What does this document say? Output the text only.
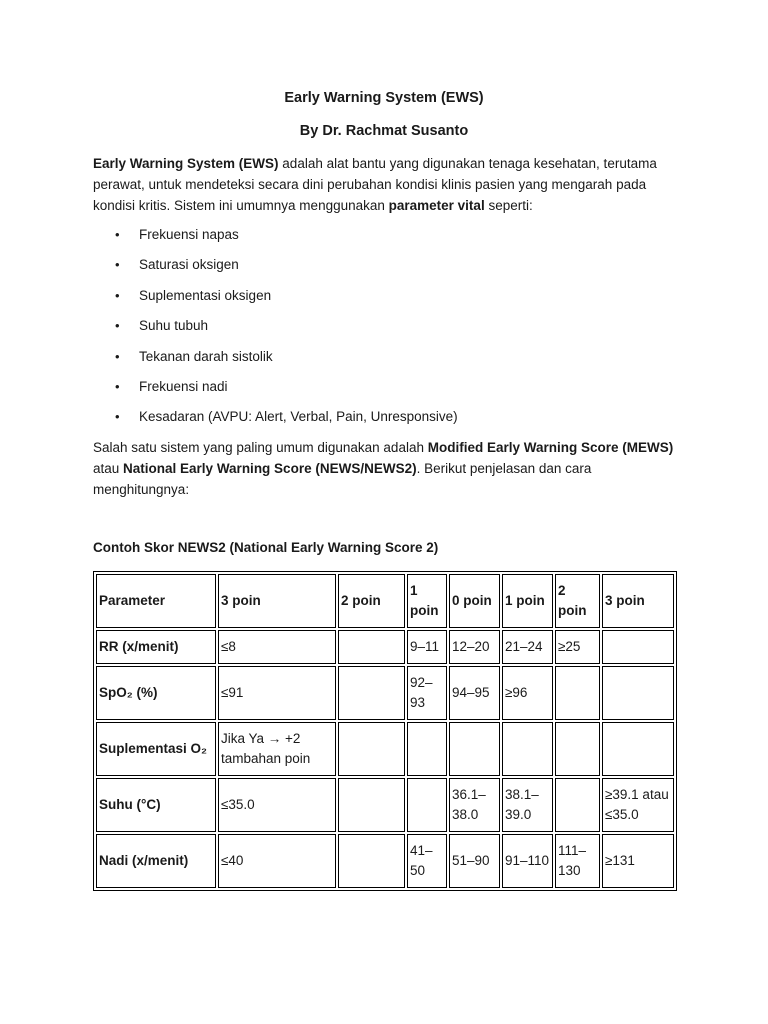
Early Warning System (EWS)
By Dr. Rachmat Susanto

Early Warning System (EWS) adalah alat bantu yang digunakan tenaga kesehatan, terutama perawat, untuk mendeteksi secara dini perubahan kondisi klinis pasien yang mengarah pada kondisi kritis. Sistem ini umumnya menggunakan parameter vital seperti:

• Frekuensi napas
• Saturasi oksigen
• Suplementasi oksigen
• Suhu tubuh
• Tekanan darah sistolik
• Frekuensi nadi
• Kesadaran (AVPU: Alert, Verbal, Pain, Unresponsive)

Salah satu sistem yang paling umum digunakan adalah Modified Early Warning Score (MEWS) atau National Early Warning Score (NEWS/NEWS2). Berikut penjelasan dan cara menghitungnya:

Contoh Skor NEWS2 (National Early Warning Score 2)

Parameter	3 poin	2 poin	1 poin	0 poin	1 poin	2 poin	3 poin
RR (x/menit)	≤8		9–11	12–20	21–24	≥25	
SpO₂ (%)	≤91		92–93	94–95	≥96		
Suplementasi O₂	Jika Ya → +2 tambahan poin						
Suhu (°C)	≤35.0			36.1–38.0	38.1–39.0		≥39.1 atau ≤35.0
Nadi (x/menit)	≤40		41–50	51–90	91–110	111–130	≥131
